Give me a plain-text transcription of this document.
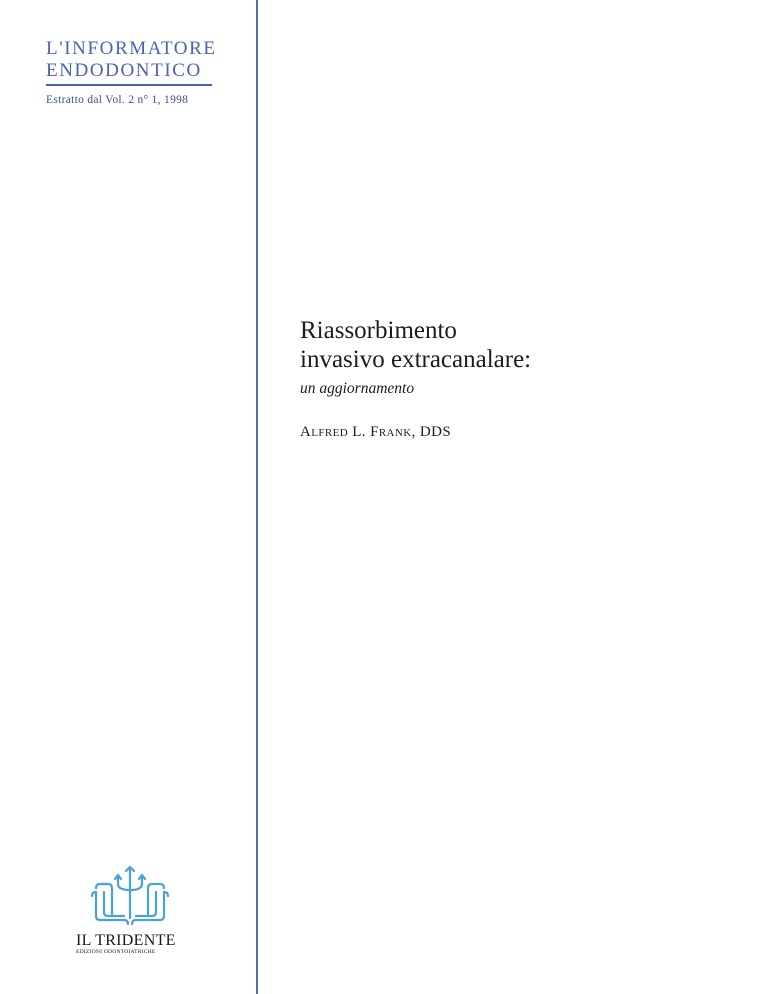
L'INFORMATORE
ENDODONTICO
Estratto dal Vol. 2 n° 1, 1998
Riassorbimento
invasivo extracanalare:
un aggiornamento
Alfred L. Frank, DDS
IL TRIDENTE
EDIZIONI ODONTOIATRICHE
